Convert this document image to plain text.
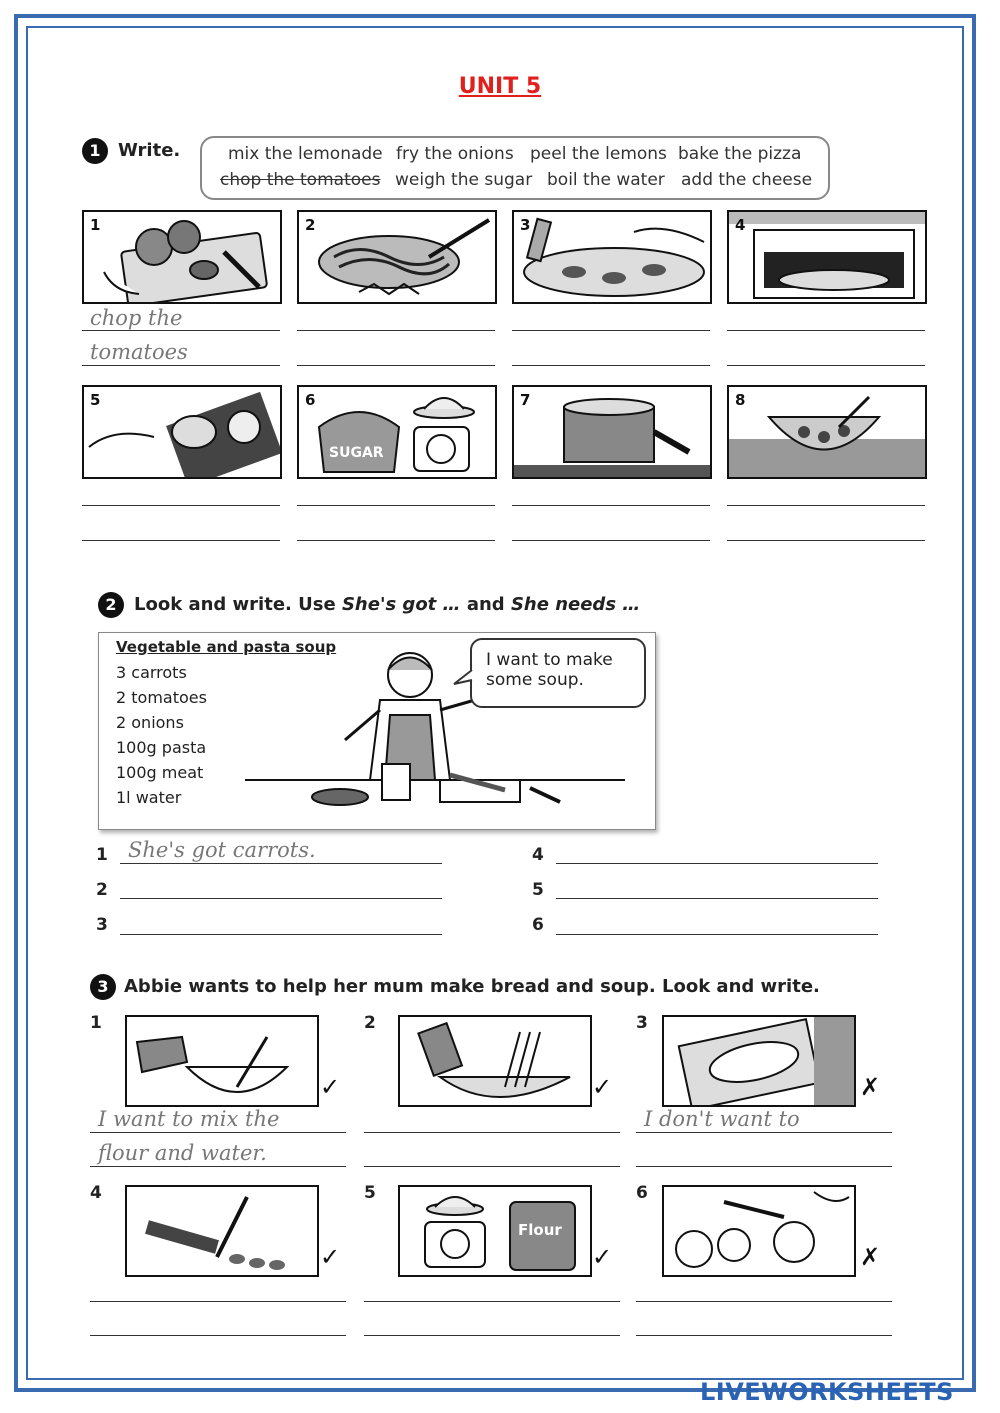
UNIT 5
1 Write.	mix the lemonade fry the onions peel the lemons bake the pizza
chop the tomatoes weigh the sugar boil the water add the cheese
1	2	3	4
chop the
tomatoes
5	6
SUGAR
7	8
2 Look and write. Use She's got … and She needs …
Vegetable and pasta soup
3 carrots
2 tomatoes
2 onions
100g pasta
100g meat
1l water
I want to make some soup.
1
2
3
4
5
6
She's got carrots.
3 Abbie wants to help her mum make bread and soup. Look and write.
1
✓
2
✓
3
✗
I want to mix the
flour and water.
I don't want to
4
✓
5
Flour
✓
6
✗
LIVEWORKSHEETS
